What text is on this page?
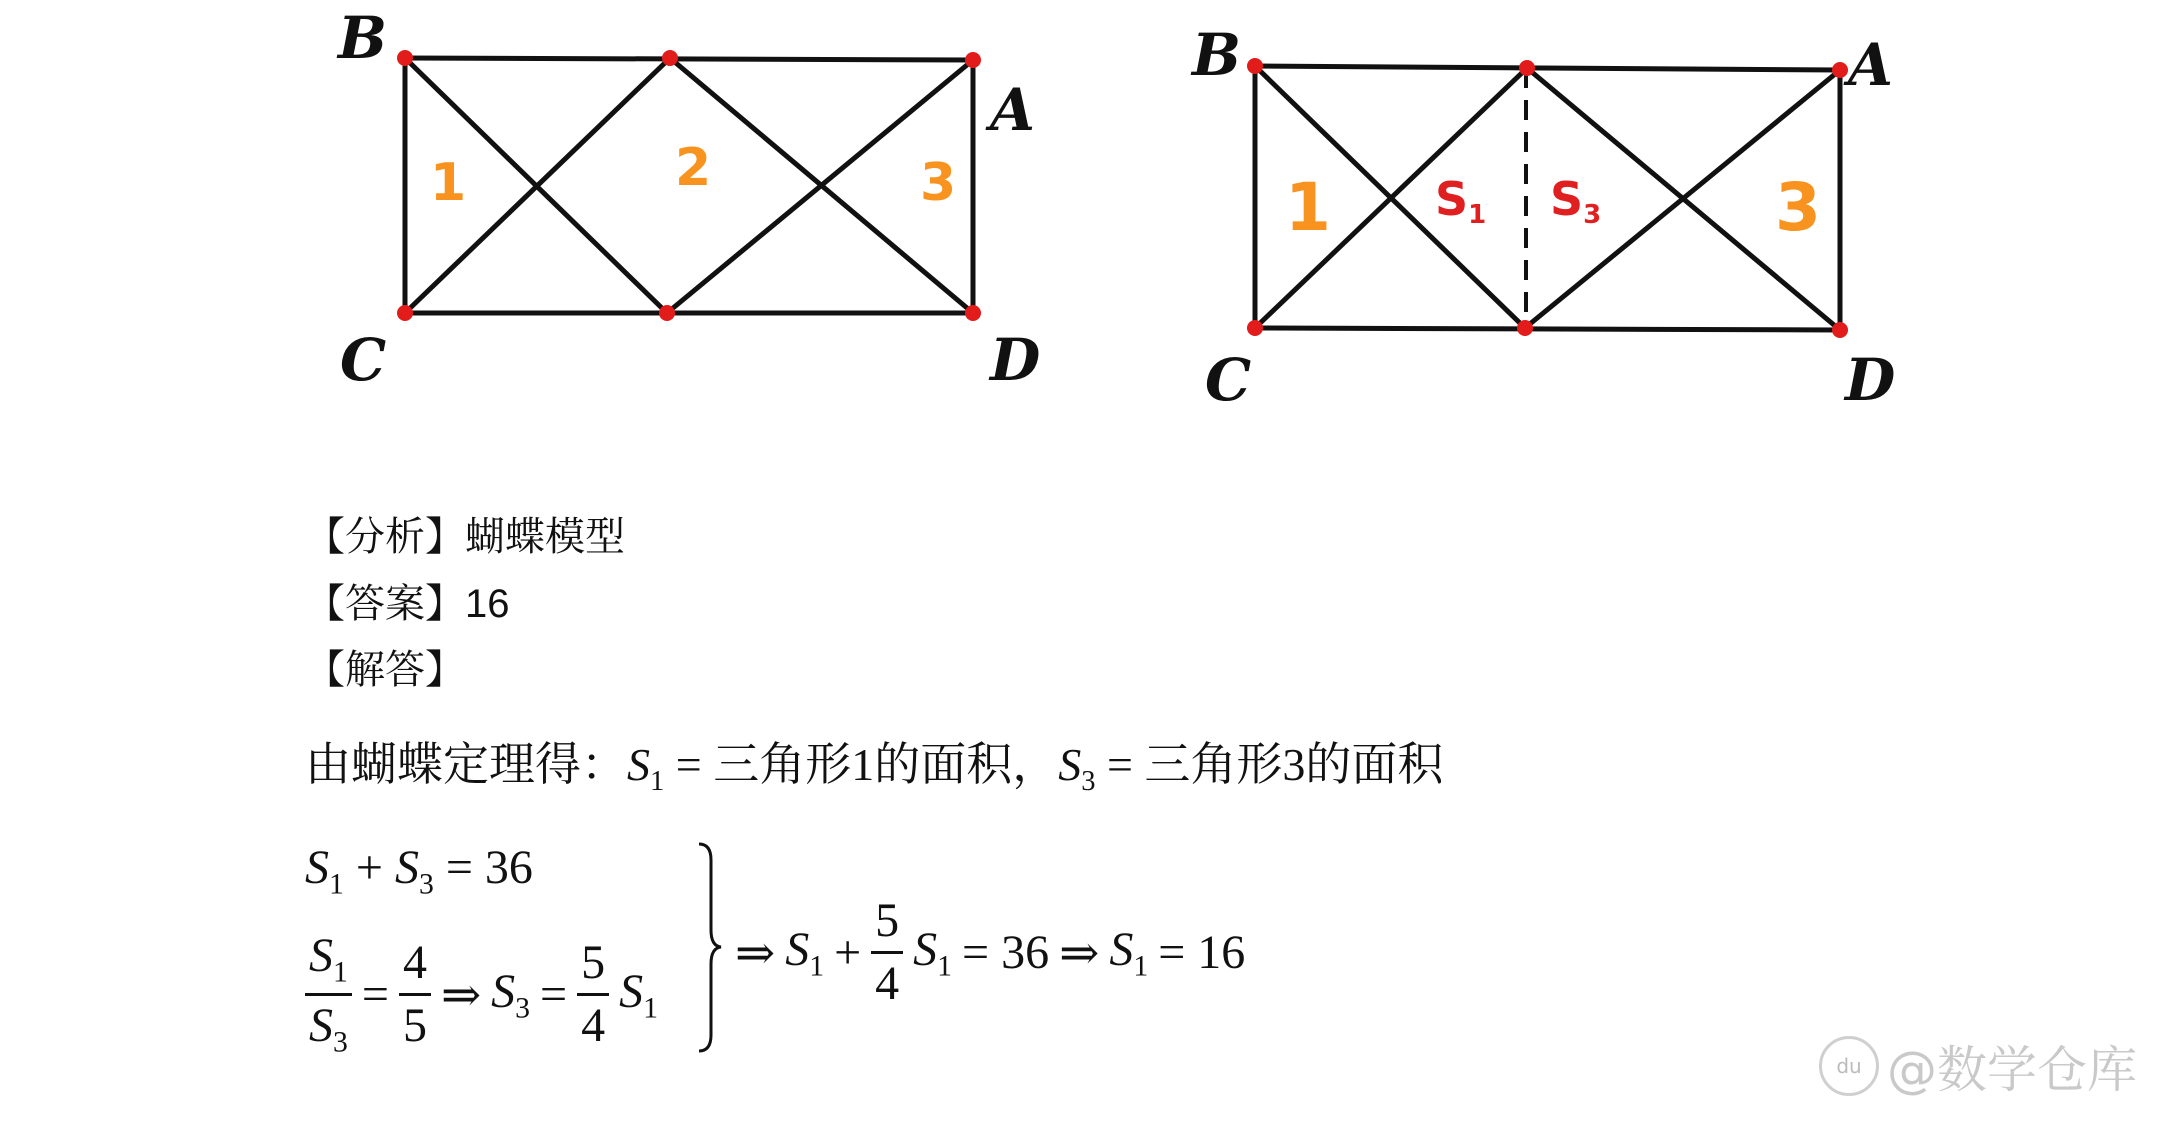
B
A
C	D
1	2	3
B	A
C	D
1	3
S1 S3
【分析】蝴蝶模型
【答案】16
【解答】
由蝴蝶定理得：$S_1$ = 三角形1的面积，$S_3$ = 三角形3的面积
$S_1 + S_3 = 36$
$\frac{S_1}{S_3} = \frac{4}{5}$ ⇒ $S_3 = \frac{5}{4} S_1$
⇒ $S_1 + \frac{5}{4} S_1 = 36$ ⇒ $S_1 = 16$
du @数学仓库
